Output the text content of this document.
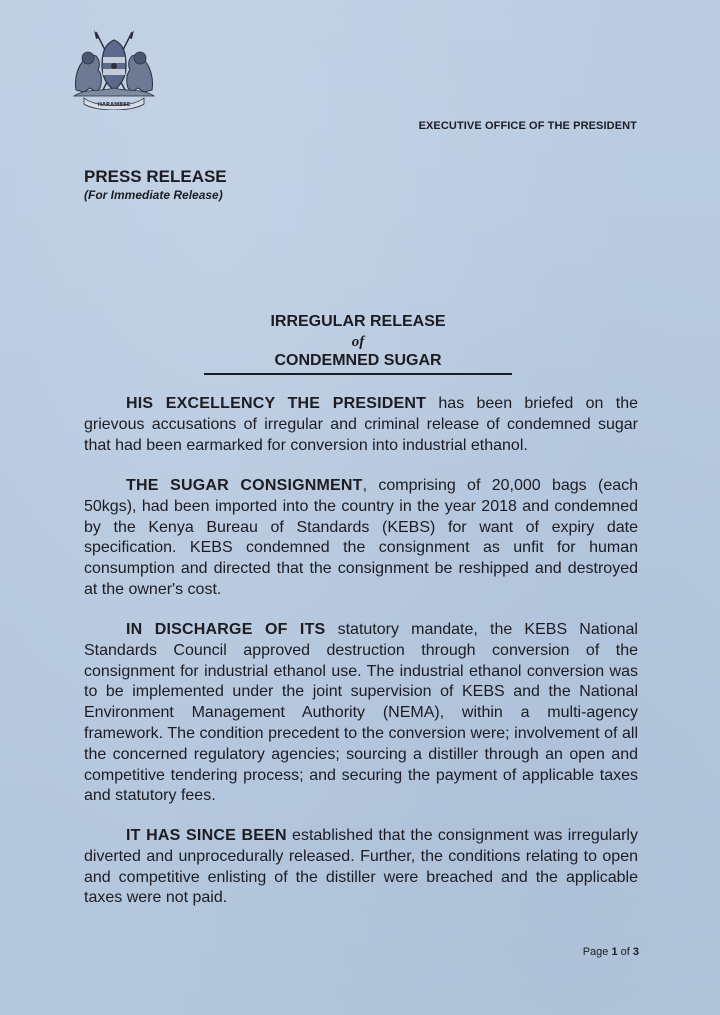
HARAMBEE
EXECUTIVE OFFICE OF THE PRESIDENT
PRESS RELEASE
(For Immediate Release)
IRREGULAR RELEASE
of
CONDEMNED SUGAR

HIS EXCELLENCY THE PRESIDENT has been briefed on the grievous accusations of irregular and criminal release of condemned sugar that had been earmarked for conversion into industrial ethanol.

THE SUGAR CONSIGNMENT, comprising of 20,000 bags (each 50kgs), had been imported into the country in the year 2018 and condemned by the Kenya Bureau of Standards (KEBS) for want of expiry date specification. KEBS condemned the consignment as unfit for human consumption and directed that the consignment be reshipped and destroyed at the owner's cost.

IN DISCHARGE OF ITS statutory mandate, the KEBS National Standards Council approved destruction through conversion of the consignment for industrial ethanol use. The industrial ethanol conversion was to be implemented under the joint supervision of KEBS and the National Environment Management Authority (NEMA), within a multi-agency framework. The condition precedent to the conversion were; involvement of all the concerned regulatory agencies; sourcing a distiller through an open and competitive tendering process; and securing the payment of applicable taxes and statutory fees.

IT HAS SINCE BEEN established that the consignment was irregularly diverted and unprocedurally released. Further, the conditions relating to open and competitive enlisting of the distiller were breached and the applicable taxes were not paid.

Page 1 of 3
